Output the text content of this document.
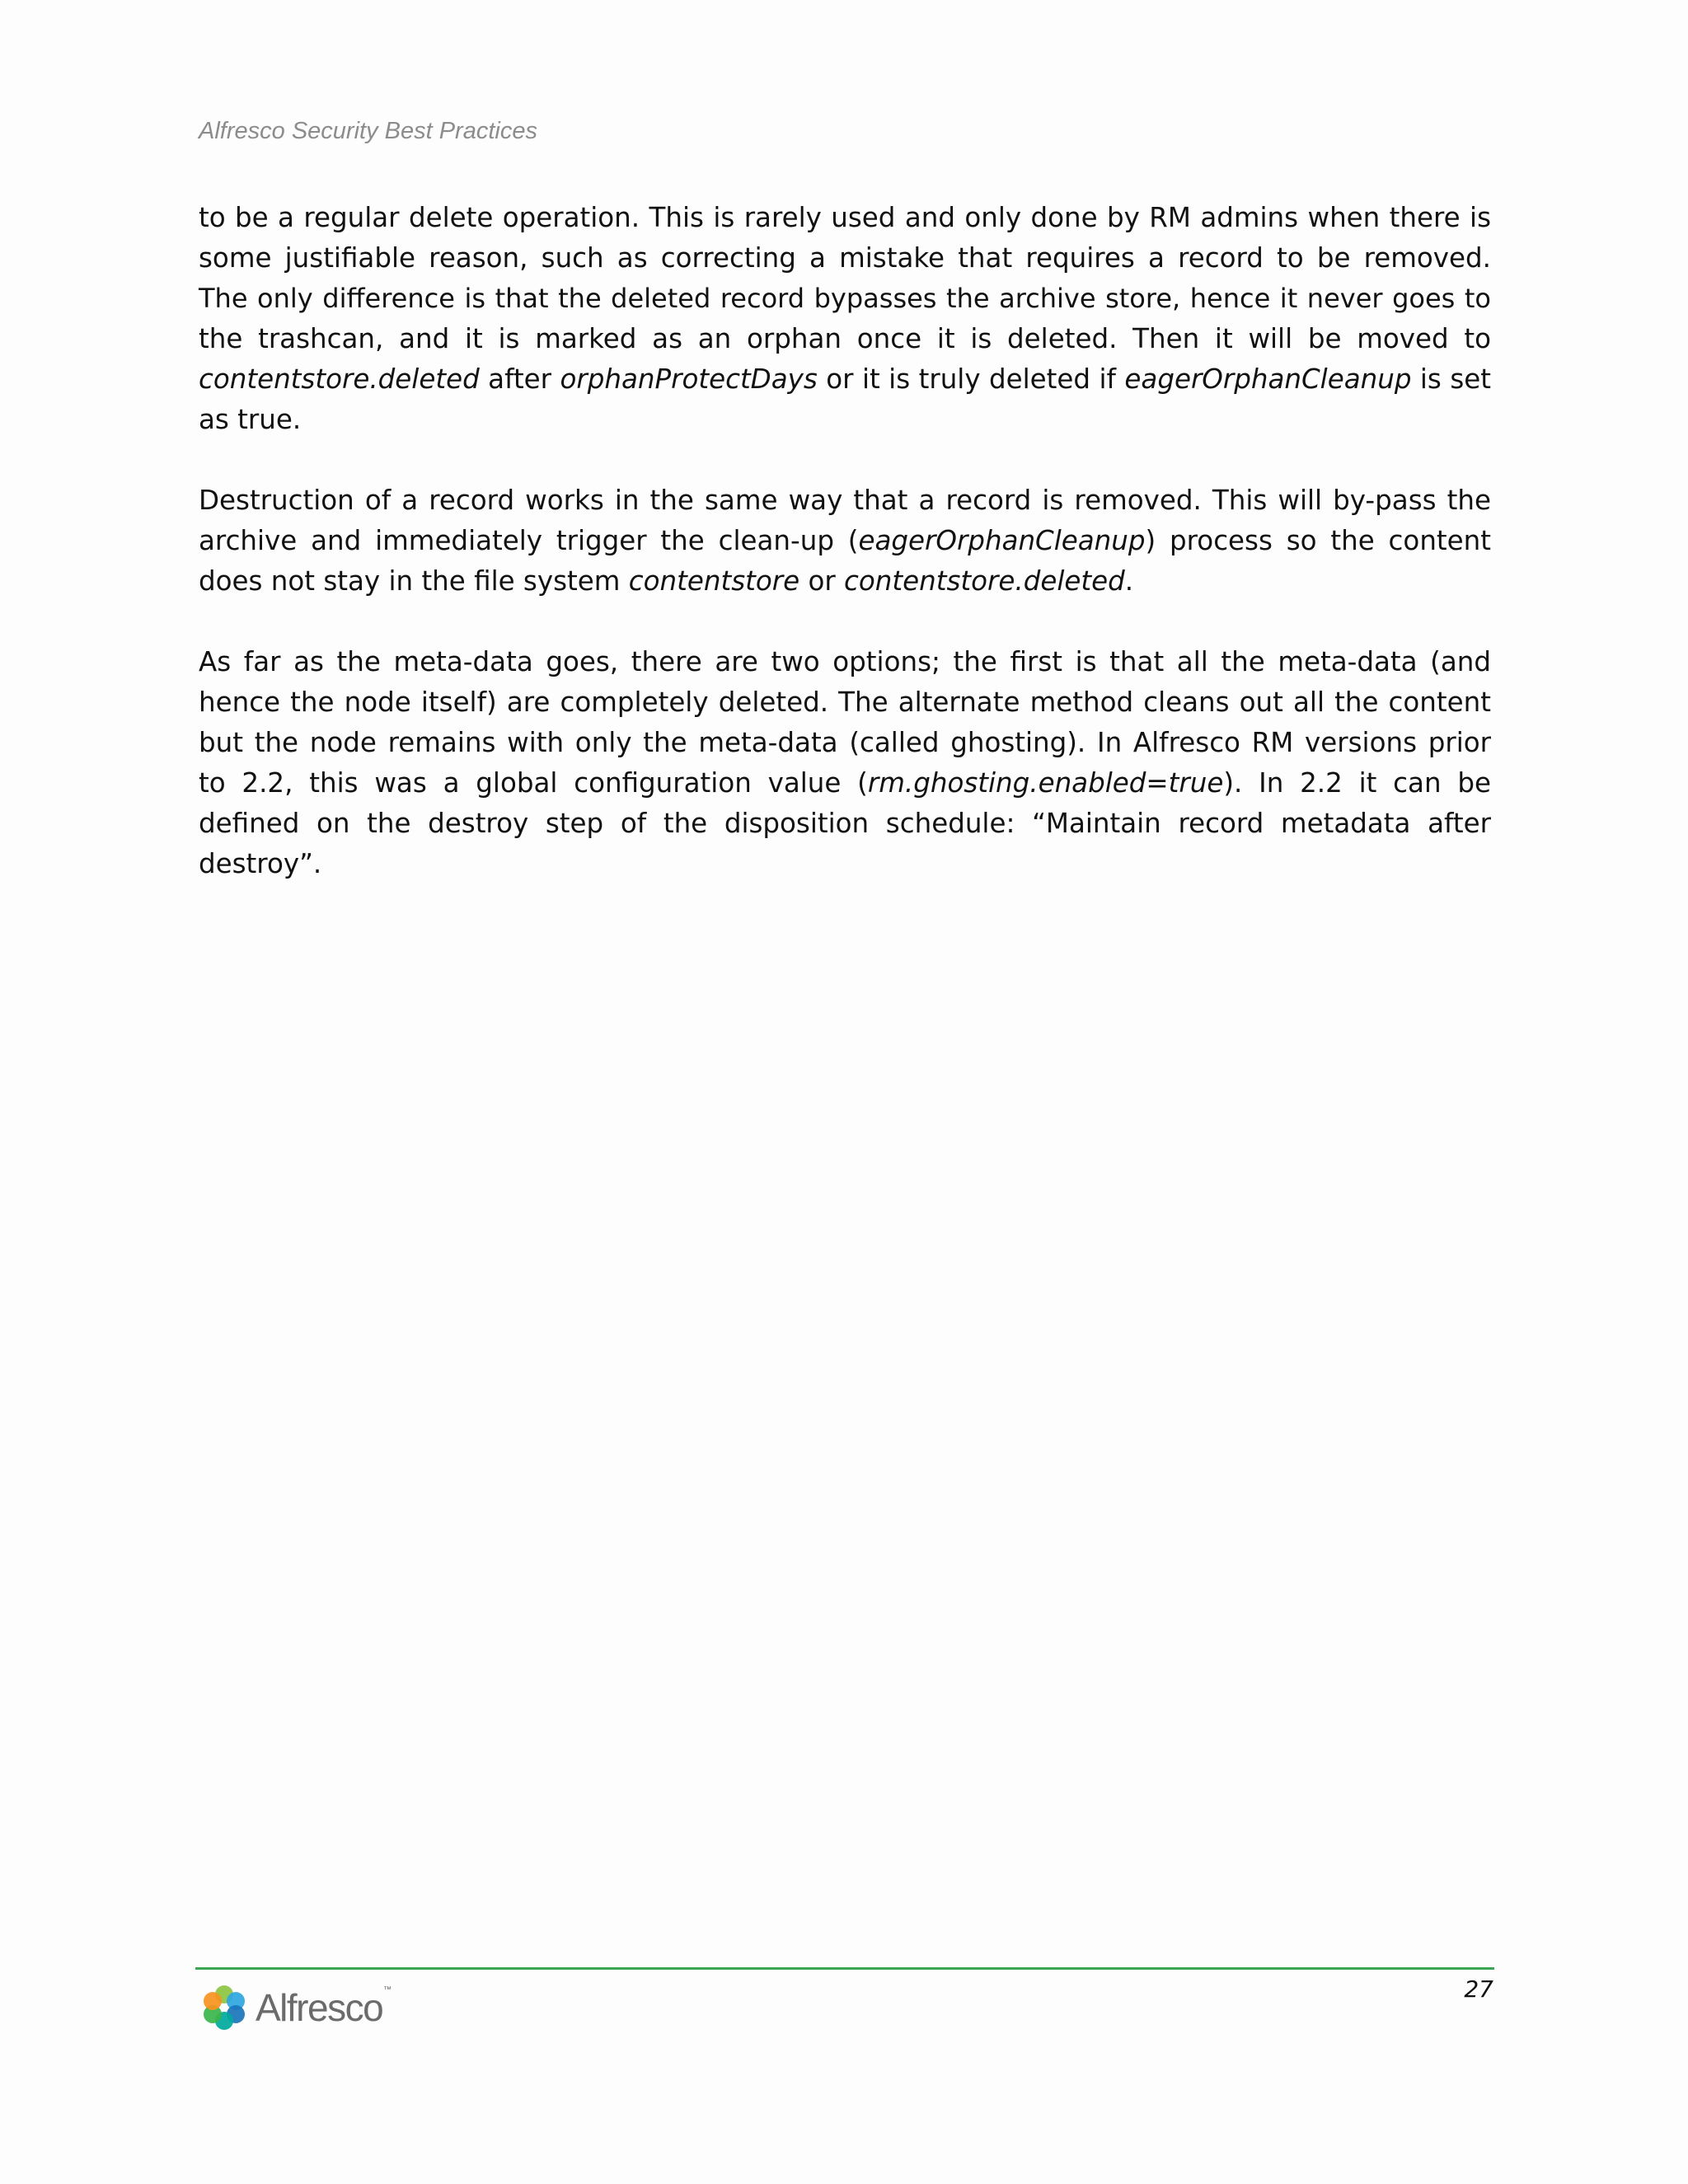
Alfresco Security Best Practices
to be a regular delete operation. This is rarely used and only done by RM admins when there is
some justifiable reason, such as correcting a mistake that requires a record to be removed.
The only difference is that the deleted record bypasses the archive store, hence it never goes to
the trashcan, and it is marked as an orphan once it is deleted. Then it will be moved to
contentstore.deleted after orphanProtectDays or it is truly deleted if eagerOrphanCleanup is set
as true.
Destruction of a record works in the same way that a record is removed. This will by-pass the
archive and immediately trigger the clean-up (eagerOrphanCleanup) process so the content
does not stay in the file system contentstore or contentstore.deleted.
As far as the meta-data goes, there are two options; the first is that all the meta-data (and
hence the node itself) are completely deleted. The alternate method cleans out all the content
but the node remains with only the meta-data (called ghosting). In Alfresco RM versions prior
to 2.2, this was a global configuration value (rm.ghosting.enabled=true). In 2.2 it can be
defined on the destroy step of the disposition schedule: “Maintain record metadata after
destroy”.
27
Alfresco™
